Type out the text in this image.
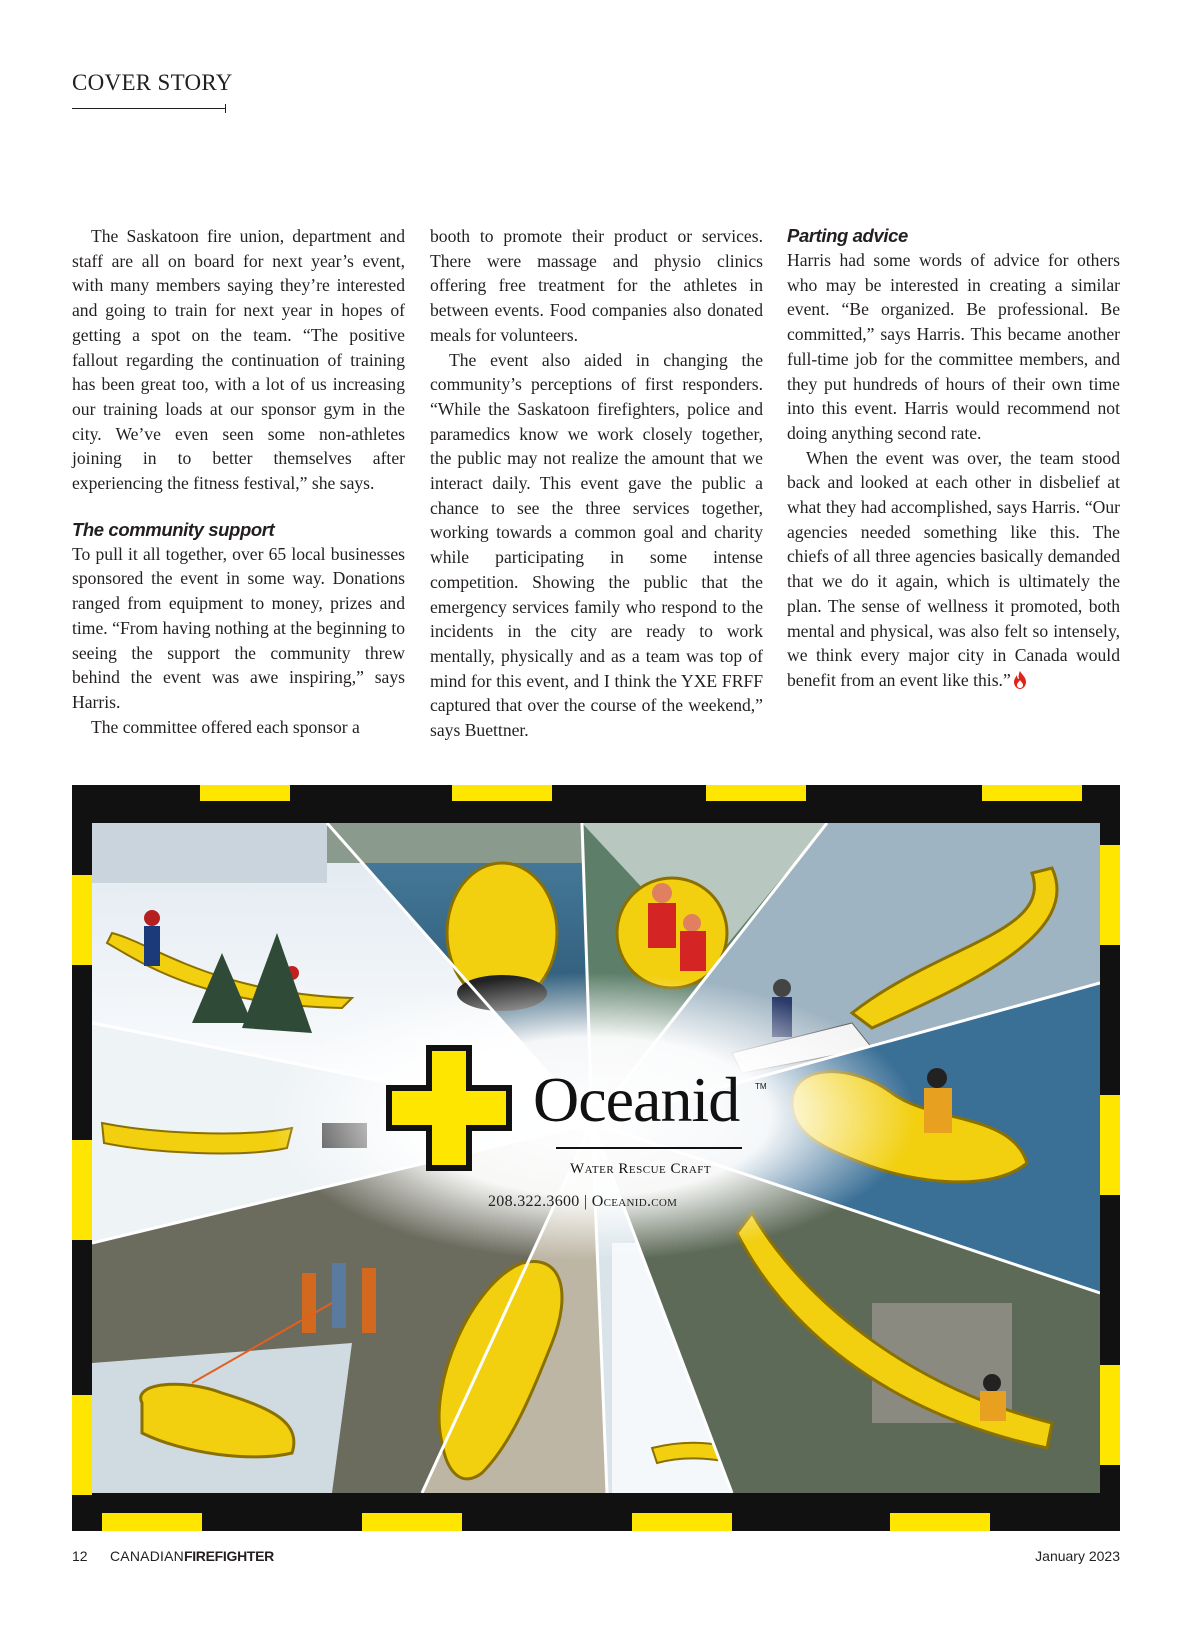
COVER STORY

The Saskatoon fire union, department and staff are all on board for next year’s event, with many members saying they’re interested and going to train for next year in hopes of getting a spot on the team. “The positive fallout regarding the continuation of training has been great too, with a lot of us increasing our training loads at our sponsor gym in the city. We’ve even seen some non-athletes joining in to better themselves after experiencing the fitness festival,” she says.

The community support

To pull it all together, over 65 local businesses sponsored the event in some way. Donations ranged from equipment to money, prizes and time. “From having nothing at the beginning to seeing the support the community threw behind the event was awe inspiring,” says Harris.

The committee offered each sponsor a

booth to promote their product or services. There were massage and physio clinics offering free treatment for the athletes in between events. Food companies also donated meals for volunteers.

The event also aided in changing the community’s perceptions of first responders. “While the Saskatoon firefighters, police and paramedics know we work closely together, the public may not realize the amount that we interact daily. This event gave the public a chance to see the three services together, working towards a common goal and charity while participating in some intense competition. Showing the public that the emergency services family who respond to the incidents in the city are ready to work mentally, physically and as a team was top of mind for this event, and I think the YXE FRFF captured that over the course of the weekend,” says Buettner.

Parting advice

Harris had some words of advice for others who may be interested in creating a similar event. “Be organized. Be professional. Be committed,” says Harris. This became another full-time job for the committee members, and they put hundreds of hours of their own time into this event. Harris would recommend not doing anything second rate.

When the event was over, the team stood back and looked at each other in disbelief at what they had accomplished, says Harris. “Our agencies needed something like this. The chiefs of all three agencies basically demanded that we do it again, which is ultimately the plan. The sense of wellness it promoted, both mental and physical, was also felt so intensely, we think every major city in Canada would benefit from an event like this.”

Oceanid TM
Water Rescue Craft
208.322.3600 | Oceanid.com
12 CANADIANFIREFIGHTER	January 2023
